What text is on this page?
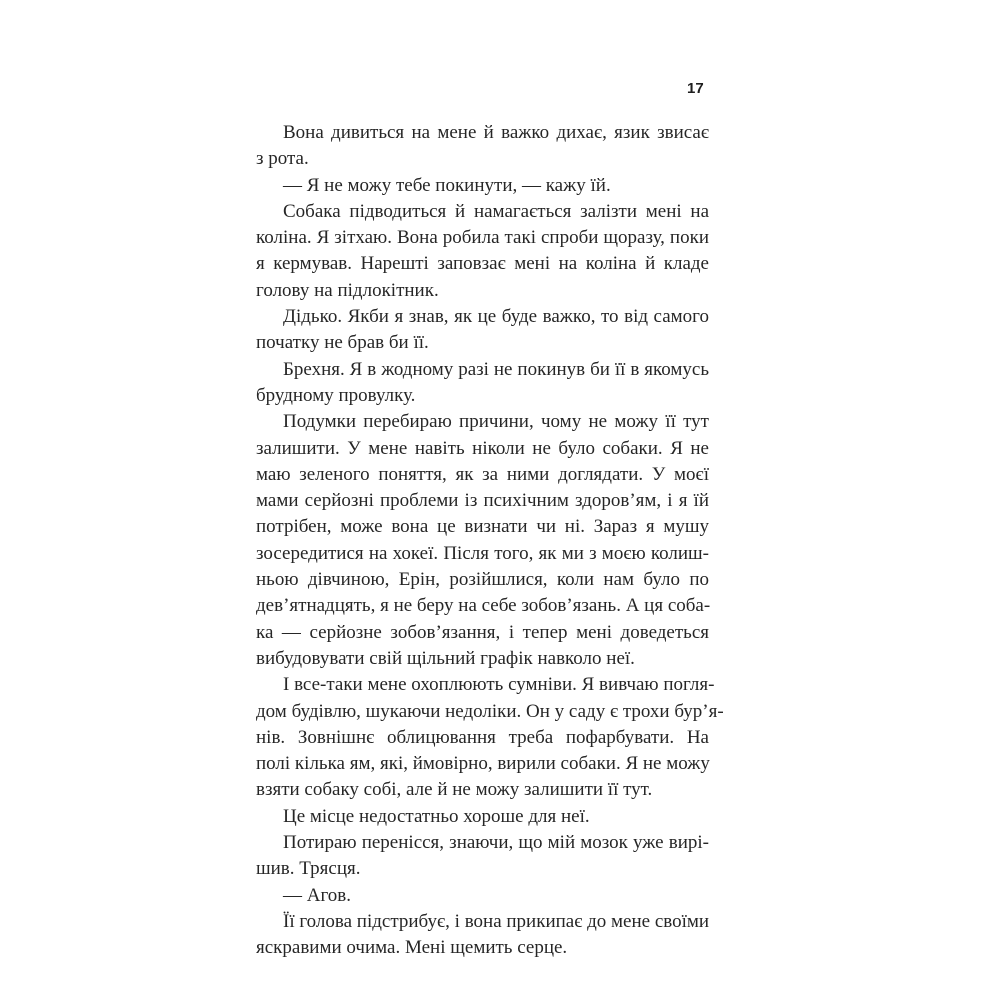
17
Вона дивиться на мене й важко дихає, язик звисає
з рота.
— Я не можу тебе покинути, — кажу їй.
Собака підводиться й намагається залізти мені на
коліна. Я зітхаю. Вона робила такі спроби щоразу, поки
я кермував. Нарешті заповзає мені на коліна й кладе
голову на підлокітник.
Дідько. Якби я знав, як це буде важко, то від самого
початку не брав би її.
Брехня. Я в жодному разі не покинув би її в якомусь
брудному провулку.
Подумки перебираю причини, чому не можу її тут
залишити. У мене навіть ніколи не було собаки. Я не
маю зеленого поняття, як за ними доглядати. У моєї
мами серйозні проблеми із психічним здоров’ям, і я їй
потрібен, може вона це визнати чи ні. Зараз я мушу
зосередитися на хокеї. Після того, як ми з моєю колиш-
ньою дівчиною, Ерін, розійшлися, коли нам було по
дев’ятнадцять, я не беру на себе зобов’язань. А ця соба-
ка — серйозне зобов’язання, і тепер мені доведеться
вибудовувати свій щільний графік навколо неї.
І все-таки мене охоплюють сумніви. Я вивчаю погля-
дом будівлю, шукаючи недоліки. Он у саду є трохи бур’я-
нів. Зовнішнє облицювання треба пофарбувати. На
полі кілька ям, які, ймовірно, вирили собаки. Я не можу
взяти собаку собі, але й не можу залишити її тут.
Це місце недостатньо хороше для неї.
Потираю перенісся, знаючи, що мій мозок уже вирі-
шив. Трясця.
— Агов.
Її голова підстрибує, і вона прикипає до мене своїми
яскравими очима. Мені щемить серце.
